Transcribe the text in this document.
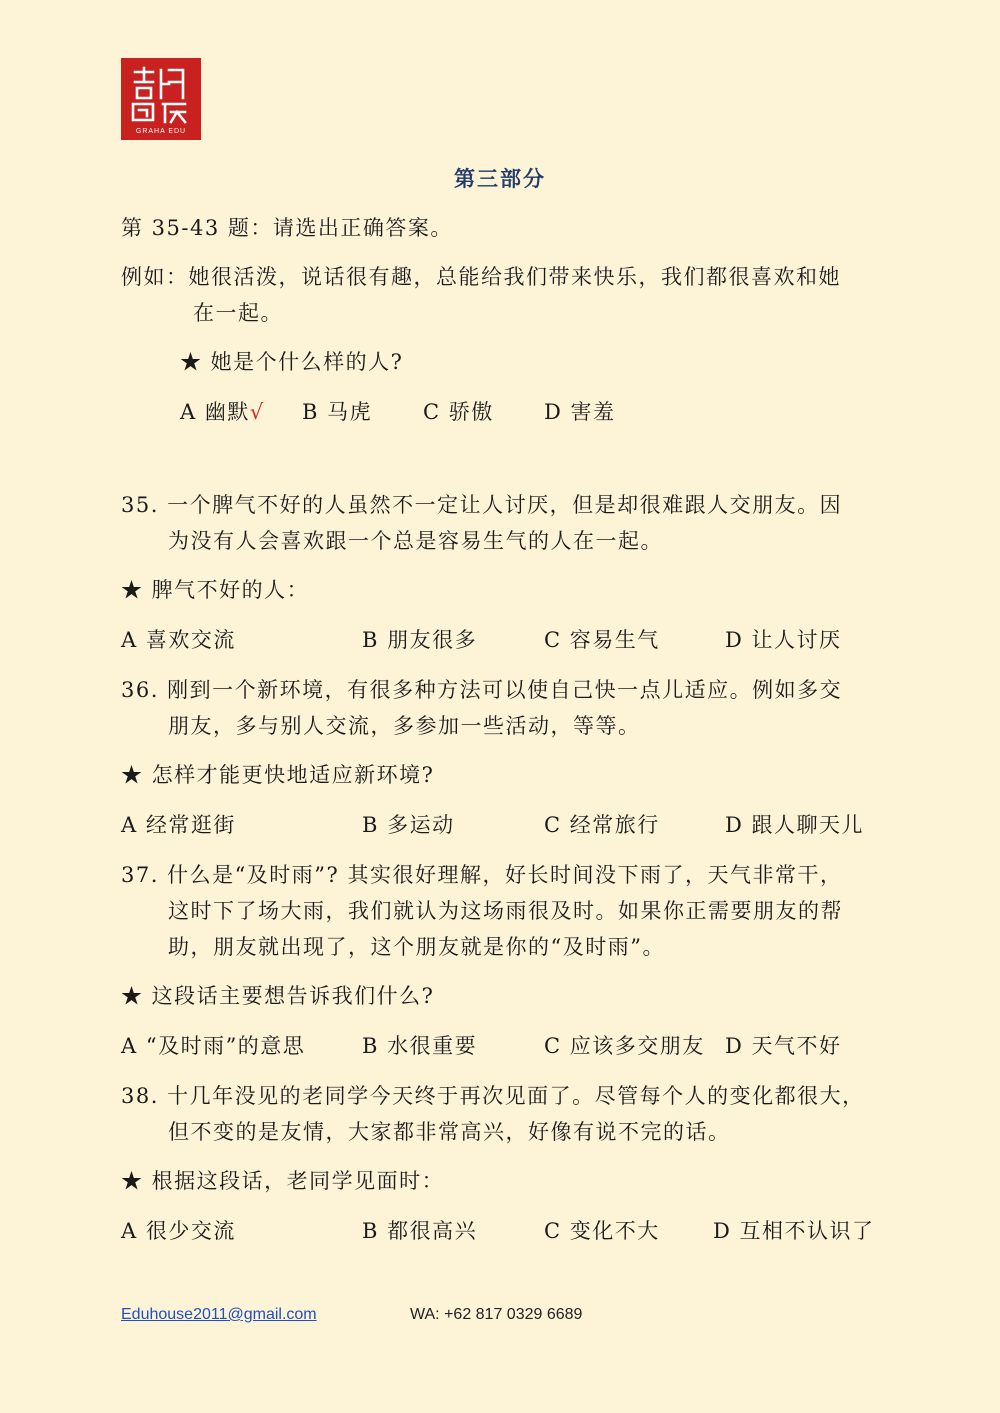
GRAHA EDU
第三部分
第 35-43 题：请选出正确答案。
例如：她很活泼，说话很有趣，总能给我们带来快乐，我们都很喜欢和她
在一起。
★ 她是个什么样的人?
A 幽默√ B 马虎 C 骄傲 D 害羞
35. 一个脾气不好的人虽然不一定让人讨厌，但是却很难跟人交朋友。因
为没有人会喜欢跟一个总是容易生气的人在一起。
★ 脾气不好的人：
A 喜欢交流	B 朋友很多	C 容易生气	D 让人讨厌
36. 刚到一个新环境，有很多种方法可以使自己快一点儿适应。例如多交
朋友，多与别人交流，多参加一些活动，等等。
★ 怎样才能更快地适应新环境?
A 经常逛街	B 多运动	C 经常旅行	D 跟人聊天儿
37. 什么是“及时雨”? 其实很好理解，好长时间没下雨了，天气非常干，
这时下了场大雨，我们就认为这场雨很及时。如果你正需要朋友的帮
助，朋友就出现了，这个朋友就是你的“及时雨”。
★ 这段话主要想告诉我们什么?
A “及时雨”的意思	B 水很重要	C 应该多交朋友 D 天气不好
38. 十几年没见的老同学今天终于再次见面了。尽管每个人的变化都很大，
但不变的是友情，大家都非常高兴，好像有说不完的话。
★ 根据这段话，老同学见面时：
A 很少交流	B 都很高兴	C 变化不大	D 互相不认识了
Eduhouse2011@gmail.com	WA: +62 817 0329 6689
